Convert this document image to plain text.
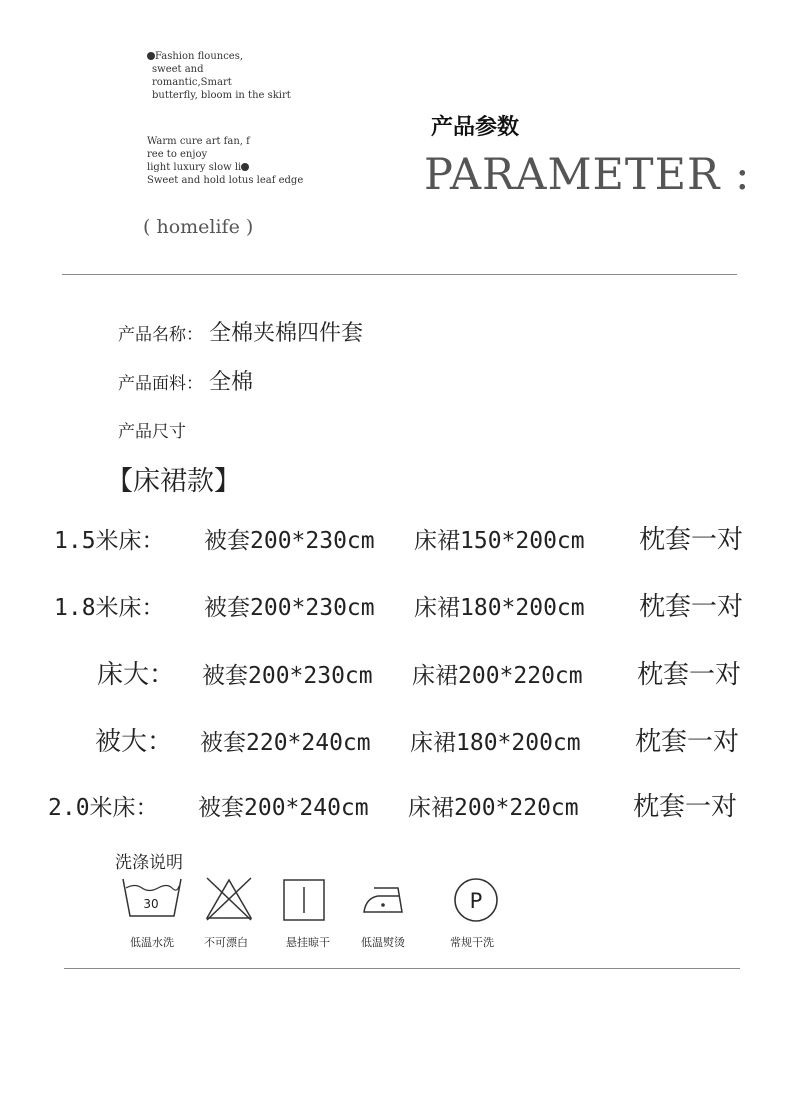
Fashion flounces,
sweet and
romantic,Smart
butterfly, bloom in the skirt
Warm cure art fan, f
ree to enjoy
light luxury slow li
Sweet and hold lotus leaf edge
( homelife )
产品参数
PARAMETER :
产品名称： 全棉夹棉四件套
产品面料： 全棉
产品尺寸
【床裙款】
1.5米床： 被套200*230cm 床裙150*200cm 枕套一对
1.8米床： 被套200*230cm 床裙180*200cm 枕套一对
床大： 被套200*230cm 床裙200*220cm 枕套一对
被大： 被套220*240cm 床裙180*200cm 枕套一对
2.0米床： 被套200*240cm 床裙200*220cm 枕套一对
洗涤说明
30	P
低温水洗	不可漂白	悬挂晾干	低温熨烫	常规干洗
